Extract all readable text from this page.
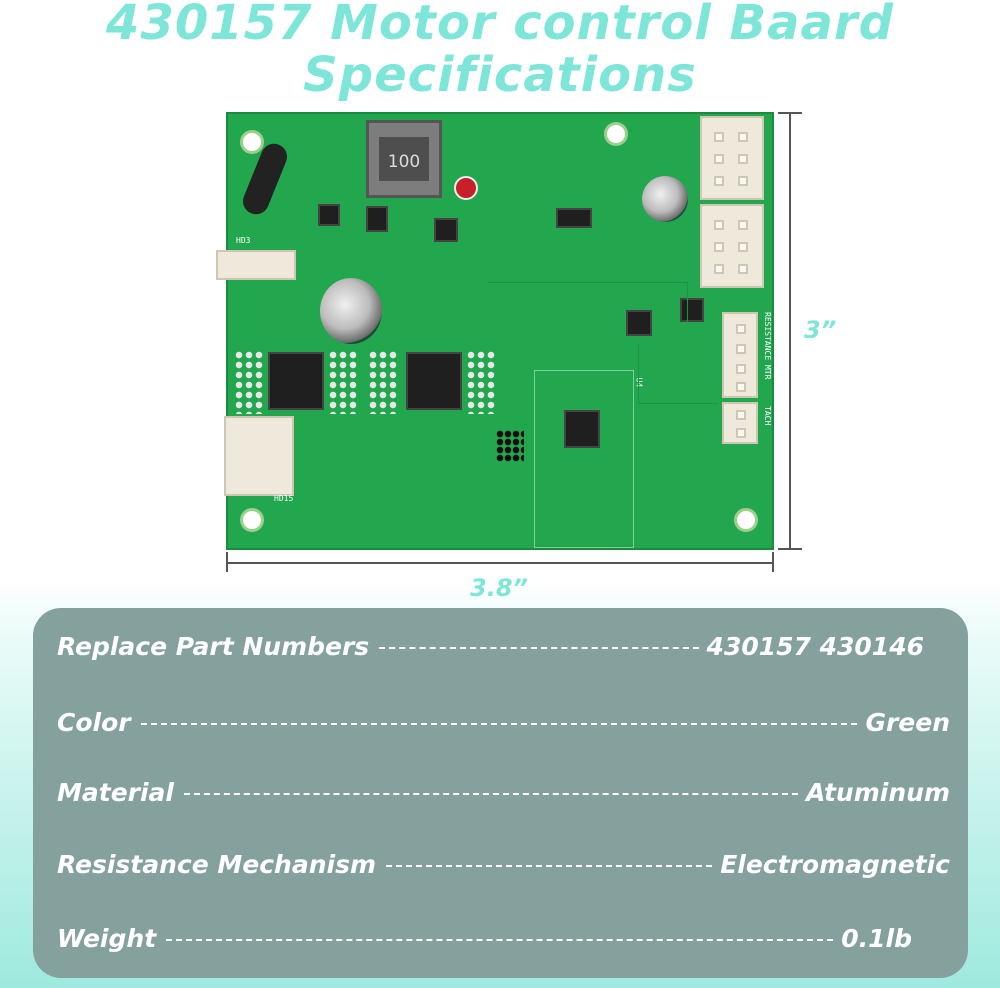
430157 Motor control Baard
Specifications
100
U4
RESISTANCE MTR
TACH
HD3
HD15
3”
3.8”
Replace Part Numbers	430157 430146
Color	Green
Material	Atuminum
Resistance Mechanism	Electromagnetic
Weight	0.1lb
